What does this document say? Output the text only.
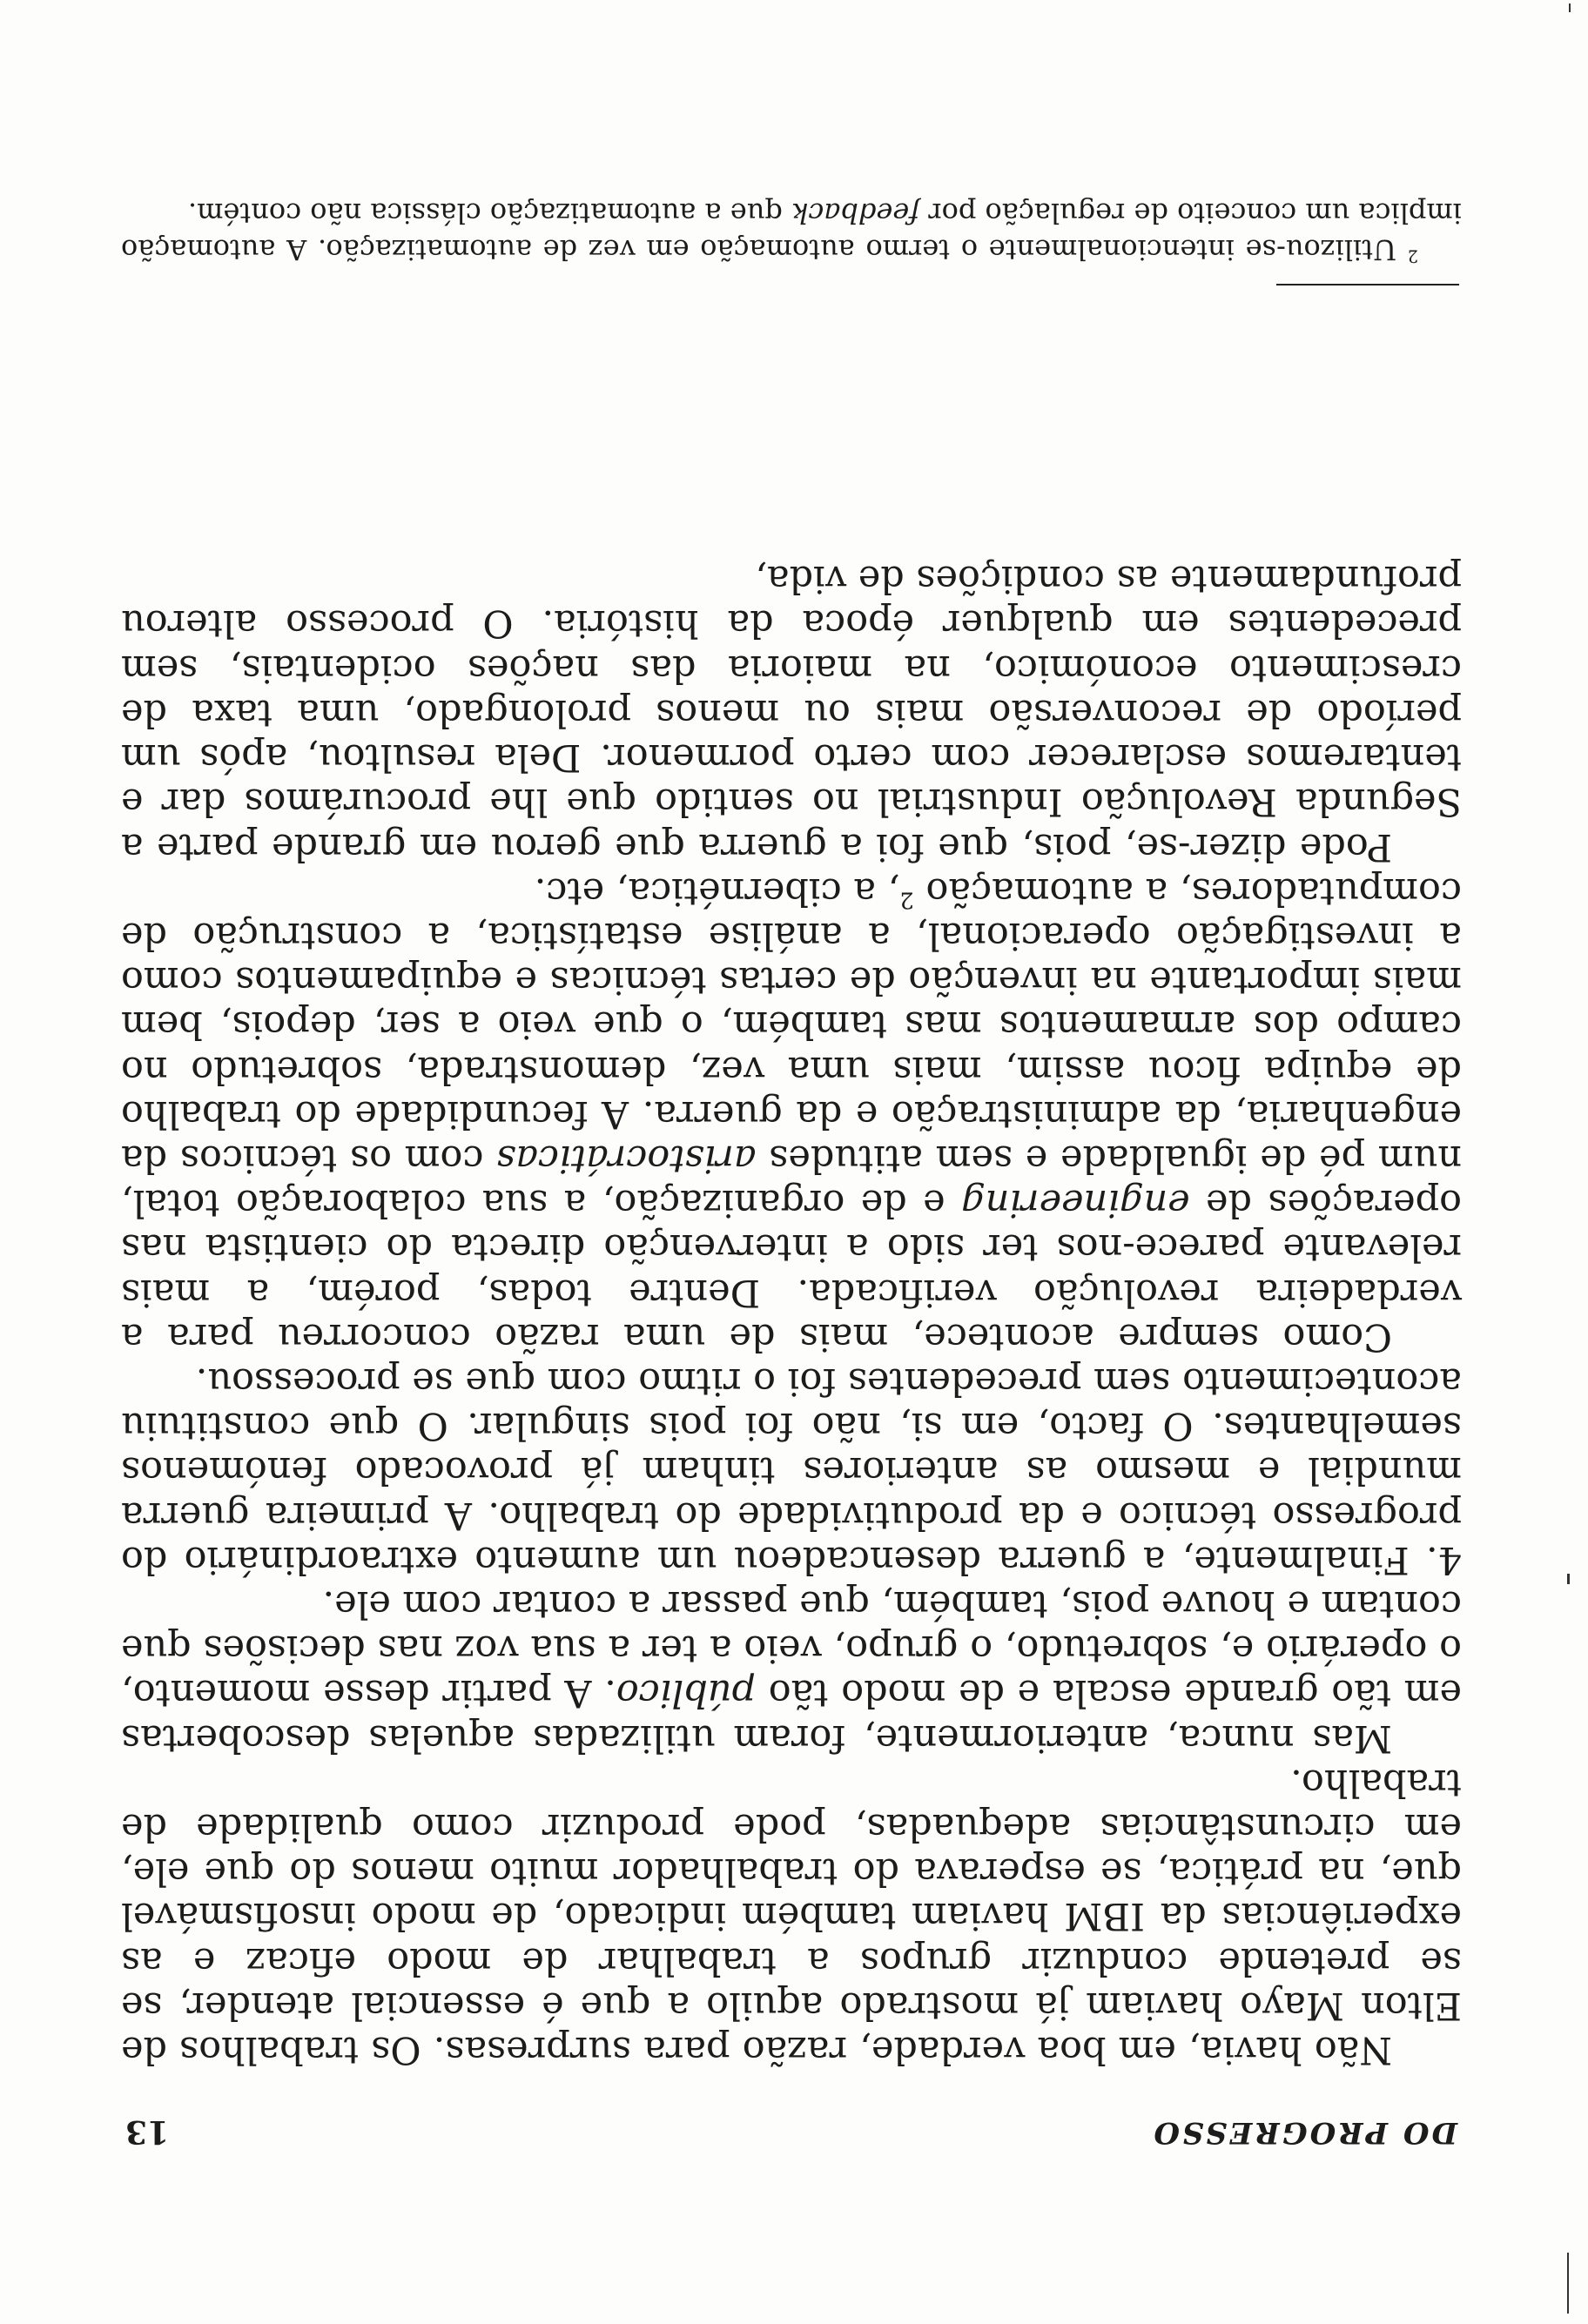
DO PROGRESSO
13

Não havia, em boa verdade, razão para surpresas. Os trabalhos de Elton Mayo haviam já mostrado aquilo a que é essencial atender, se se pretende conduzir grupos a trabalhar de modo eficaz e as experiências da IBM haviam também indicado, de modo insofismável que, na prática, se esperava do trabalhador muito menos do que ele, em circunstâncias adequadas, pode produzir como qualidade de trabalho.

Mas nunca, anteriormente, foram utilizadas aquelas descobertas em tão grande escala e de modo tão público. A partir desse momento, o operário e, sobretudo, o grupo, veio a ter a sua voz nas decisões que contam e houve pois, também, que passar a contar com ele.

4. Finalmente, a guerra desencadeou um aumento extraordinário do progresso técnico e da produtividade do trabalho. A primeira guerra mundial e mesmo as anteriores tinham já provocado fenómenos semelhantes. O facto, em si, não foi pois singular. O que constituiu acontecimento sem precedentes foi o ritmo com que se processou.

Como sempre acontece, mais de uma razão concorreu para a verdadeira revolução verificada. Dentre todas, porém, a mais relevante parece-nos ter sido a intervenção directa do cientista nas operações de engineering e de organização, a sua colaboração total, num pé de igualdade e sem atitudes aristocráticas com os técnicos da engenharia, da administração e da guerra. A fecundidade do trabalho de equipa ficou assim, mais uma vez, demonstrada, sobretudo no campo dos armamentos mas também, o que veio a ser, depois, bem mais importante na invenção de certas técnicas e equipamentos como a investigação operacional, a análise estatística, a construção de computadores, a automação $^2$, a cibernética, etc.

Pode dizer-se, pois, que foi a guerra que gerou em grande parte a Segunda Revolução Industrial no sentido que lhe procurámos dar e tentaremos esclarecer com certo pormenor. Dela resultou, após um período de reconversão mais ou menos prolongado, uma taxa de crescimento económico, na maioria das nações ocidentais, sem precedentes em qualquer época da história. O processo alterou profundamente as condições de vida,

$^2$ Utilizou-se intencionalmente o termo automação em vez de automatização. A automação implica um conceito de regulação por feedback que a automatização clássica não contém.
